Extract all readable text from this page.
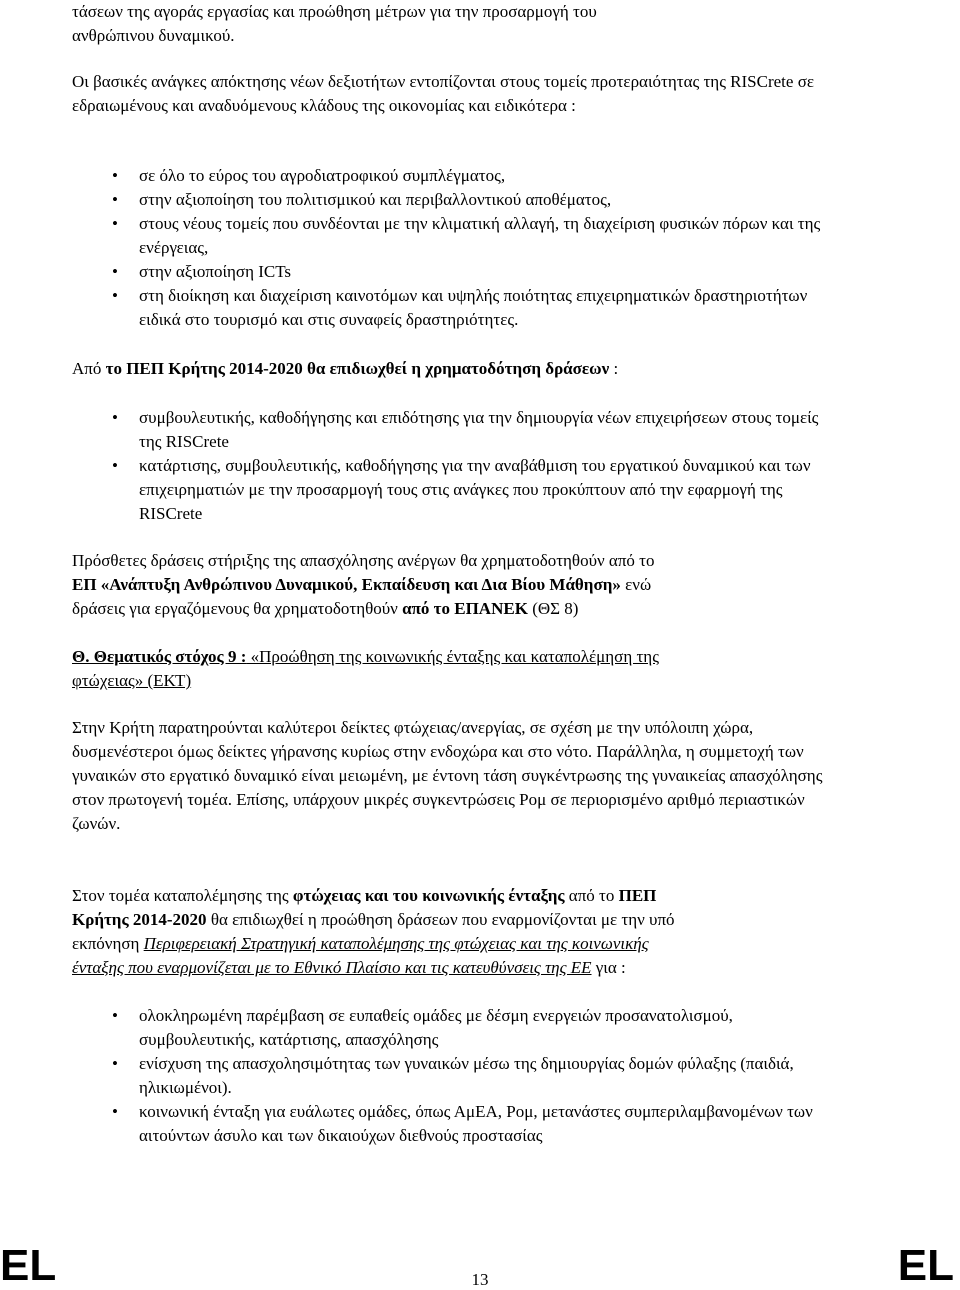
τάσεων της αγοράς εργασίας και προώθηση μέτρων για την προσαρμογή του

ανθρώπινου δυναμικού.

Οι βασικές ανάγκες απόκτησης νέων δεξιοτήτων εντοπίζονται στους τομείς προτεραιότητας της RISCrete σε εδραιωμένους και αναδυόμενους κλάδους της οικονομίας και ειδικότερα :

• σε όλο το εύρος του αγροδιατροφικού συμπλέγματος,
• στην αξιοποίηση του πολιτισμικού και περιβαλλοντικού αποθέματος,
• στους νέους τομείς που συνδέονται με την κλιματική αλλαγή, τη διαχείριση φυσικών πόρων και της ενέργειας,
• στην αξιοποίηση ICTs
• στη διοίκηση και διαχείριση καινοτόμων και υψηλής ποιότητας επιχειρηματικών δραστηριοτήτων ειδικά στο τουρισμό και στις συναφείς δραστηριότητες.

Από το ΠΕΠ Κρήτης 2014-2020 θα επιδιωχθεί η χρηματοδότηση δράσεων :

• συμβουλευτικής, καθοδήγησης και επιδότησης για την δημιουργία νέων επιχειρήσεων στους τομείς της RISCrete
• κατάρτισης, συμβουλευτικής, καθοδήγησης για την αναβάθμιση του εργατικού δυναμικού και των επιχειρηματιών με την προσαρμογή τους στις ανάγκες που προκύπτουν από την εφαρμογή της RISCrete

Πρόσθετες δράσεις στήριξης της απασχόλησης ανέργων θα χρηματοδοτηθούν από το

ΕΠ «Ανάπτυξη Ανθρώπινου Δυναμικού, Εκπαίδευση και Δια Βίου Μάθηση» ενώ

δράσεις για εργαζόμενους θα χρηματοδοτηθούν από το ΕΠΑΝΕΚ (ΘΣ 8)

Θ. Θεματικός στόχος 9 : «Προώθηση της κοινωνικής ένταξης και καταπολέμηση της

φτώχειας» (ΕΚΤ)

Στην Κρήτη παρατηρούνται καλύτεροι δείκτες φτώχειας/ανεργίας, σε σχέση με την υπόλοιπη χώρα, δυσμενέστεροι όμως δείκτες γήρανσης κυρίως στην ενδοχώρα και στο νότο. Παράλληλα, η συμμετοχή των γυναικών στο εργατικό δυναμικό είναι μειωμένη, με έντονη τάση συγκέντρωσης της γυναικείας απασχόλησης στον πρωτογενή τομέα. Επίσης, υπάρχουν μικρές συγκεντρώσεις Ρομ σε περιορισμένο αριθμό περιαστικών ζωνών.

Στον τομέα καταπολέμησης της φτώχειας και του κοινωνικής ένταξης από το ΠΕΠ

Κρήτης 2014-2020 θα επιδιωχθεί η προώθηση δράσεων που εναρμονίζονται με την υπό

εκπόνηση Περιφερειακή Στρατηγική καταπολέμησης της φτώχειας και της κοινωνικής

ένταξης που εναρμονίζεται με το Εθνικό Πλαίσιο και τις κατευθύνσεις της ΕΕ για :

• ολοκληρωμένη παρέμβαση σε ευπαθείς ομάδες με δέσμη ενεργειών προσανατολισμού, συμβουλευτικής, κατάρτισης, απασχόλησης
• ενίσχυση της απασχολησιμότητας των γυναικών μέσω της δημιουργίας δομών φύλαξης (παιδιά, ηλικιωμένοι).
• κοινωνική ένταξη για ευάλωτες ομάδες, όπως ΑμΕΑ, Ρομ, μετανάστες συμπεριλαμβανομένων των αιτούντων άσυλο και των δικαιούχων διεθνούς προστασίας
EL	13	EL
